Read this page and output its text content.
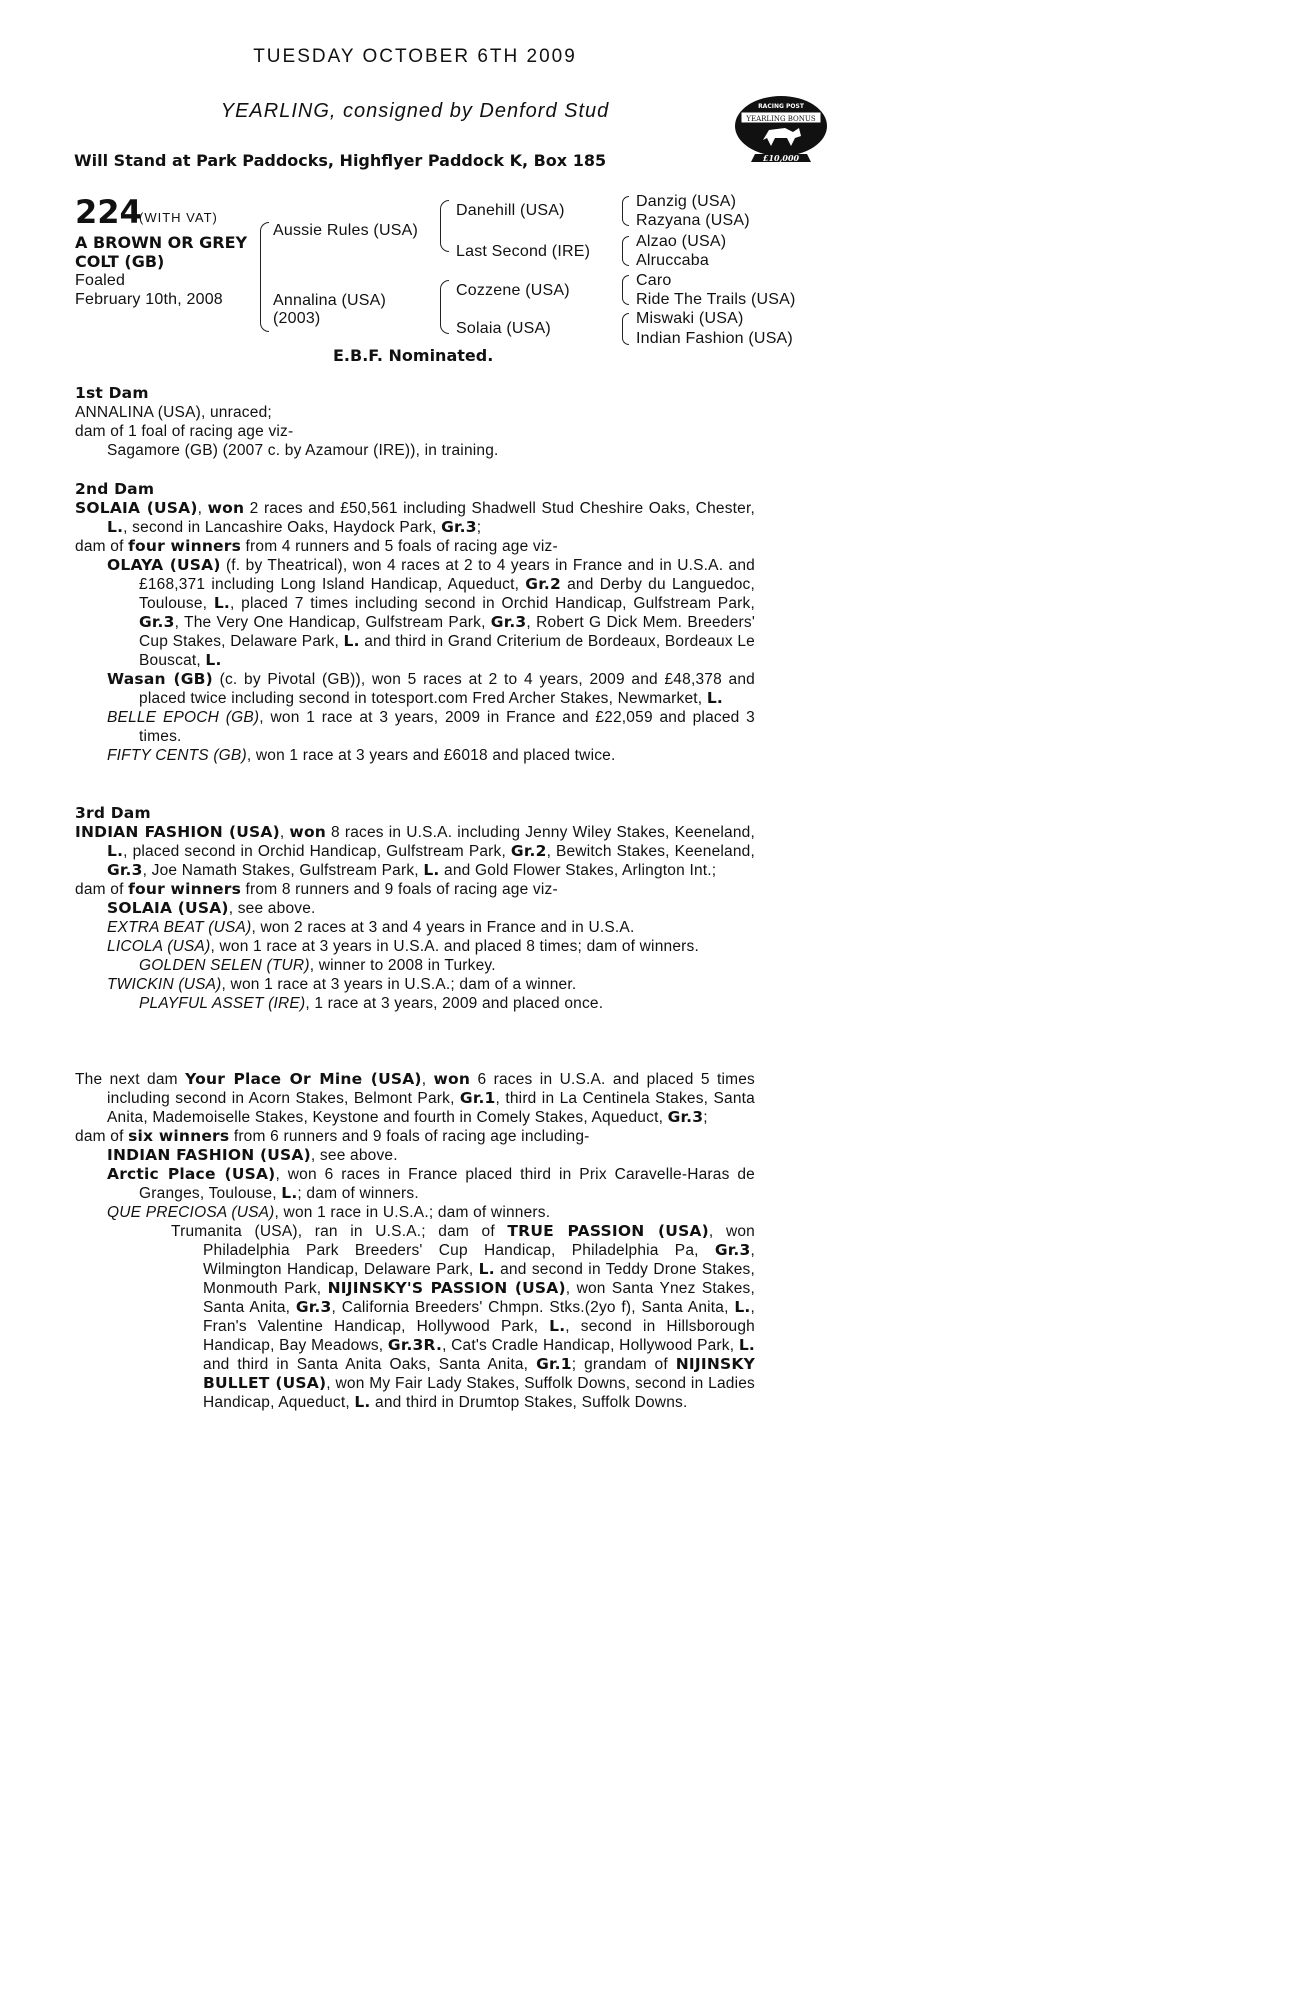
TUESDAY OCTOBER 6TH 2009
YEARLING, consigned by Denford Stud
Will Stand at Park Paddocks, Highflyer Paddock K, Box 185
RACING POST
YEARLING BONUS
£10,000
224
(WITH VAT)
A BROWN OR GREY
COLT (GB)
Foaled
February 10th, 2008
Aussie Rules (USA)
Annalina (USA)
(2003)
Danehill (USA)
Last Second (IRE)
Cozzene (USA)
Solaia (USA)
Danzig (USA)
Razyana (USA)
Alzao (USA)
Alruccaba
Caro
Ride The Trails (USA)
Miswaki (USA)
Indian Fashion (USA)
E.B.F. Nominated.

1st Dam

ANNALINA (USA), unraced;

dam of 1 foal of racing age viz-

Sagamore (GB) (2007 c. by Azamour (IRE)), in training.

2nd Dam

SOLAIA (USA), won 2 races and £50,561 including Shadwell Stud Cheshire Oaks, Chester, L., second in Lancashire Oaks, Haydock Park, Gr.3;

dam of four winners from 4 runners and 5 foals of racing age viz-

OLAYA (USA) (f. by Theatrical), won 4 races at 2 to 4 years in France and in U.S.A. and £168,371 including Long Island Handicap, Aqueduct, Gr.2 and Derby du Languedoc, Toulouse, L., placed 7 times including second in Orchid Handicap, Gulfstream Park, Gr.3, The Very One Handicap, Gulfstream Park, Gr.3, Robert G Dick Mem. Breeders' Cup Stakes, Delaware Park, L. and third in Grand Criterium de Bordeaux, Bordeaux Le Bouscat, L.

Wasan (GB) (c. by Pivotal (GB)), won 5 races at 2 to 4 years, 2009 and £48,378 and placed twice including second in totesport.com Fred Archer Stakes, Newmarket, L.

BELLE EPOCH (GB), won 1 race at 3 years, 2009 in France and £22,059 and placed 3 times.

FIFTY CENTS (GB), won 1 race at 3 years and £6018 and placed twice.

3rd Dam

INDIAN FASHION (USA), won 8 races in U.S.A. including Jenny Wiley Stakes, Keeneland, L., placed second in Orchid Handicap, Gulfstream Park, Gr.2, Bewitch Stakes, Keeneland, Gr.3, Joe Namath Stakes, Gulfstream Park, L. and Gold Flower Stakes, Arlington Int.;

dam of four winners from 8 runners and 9 foals of racing age viz-

SOLAIA (USA), see above.

EXTRA BEAT (USA), won 2 races at 3 and 4 years in France and in U.S.A.

LICOLA (USA), won 1 race at 3 years in U.S.A. and placed 8 times; dam of winners.

GOLDEN SELEN (TUR), winner to 2008 in Turkey.

TWICKIN (USA), won 1 race at 3 years in U.S.A.; dam of a winner.

PLAYFUL ASSET (IRE), 1 race at 3 years, 2009 and placed once.

The next dam Your Place Or Mine (USA), won 6 races in U.S.A. and placed 5 times including second in Acorn Stakes, Belmont Park, Gr.1, third in La Centinela Stakes, Santa Anita, Mademoiselle Stakes, Keystone and fourth in Comely Stakes, Aqueduct, Gr.3;

dam of six winners from 6 runners and 9 foals of racing age including-

INDIAN FASHION (USA), see above.

Arctic Place (USA), won 6 races in France placed third in Prix Caravelle-Haras de Granges, Toulouse, L.; dam of winners.

QUE PRECIOSA (USA), won 1 race in U.S.A.; dam of winners.

Trumanita (USA), ran in U.S.A.; dam of TRUE PASSION (USA), won Philadelphia Park Breeders' Cup Handicap, Philadelphia Pa, Gr.3, Wilmington Handicap, Delaware Park, L. and second in Teddy Drone Stakes, Monmouth Park, NIJINSKY'S PASSION (USA), won Santa Ynez Stakes, Santa Anita, Gr.3, California Breeders' Chmpn. Stks.(2yo f), Santa Anita, L., Fran's Valentine Handicap, Hollywood Park, L., second in Hillsborough Handicap, Bay Meadows, Gr.3R., Cat's Cradle Handicap, Hollywood Park, L. and third in Santa Anita Oaks, Santa Anita, Gr.1; grandam of NIJINSKY BULLET (USA), won My Fair Lady Stakes, Suffolk Downs, second in Ladies Handicap, Aqueduct, L. and third in Drumtop Stakes, Suffolk Downs.
